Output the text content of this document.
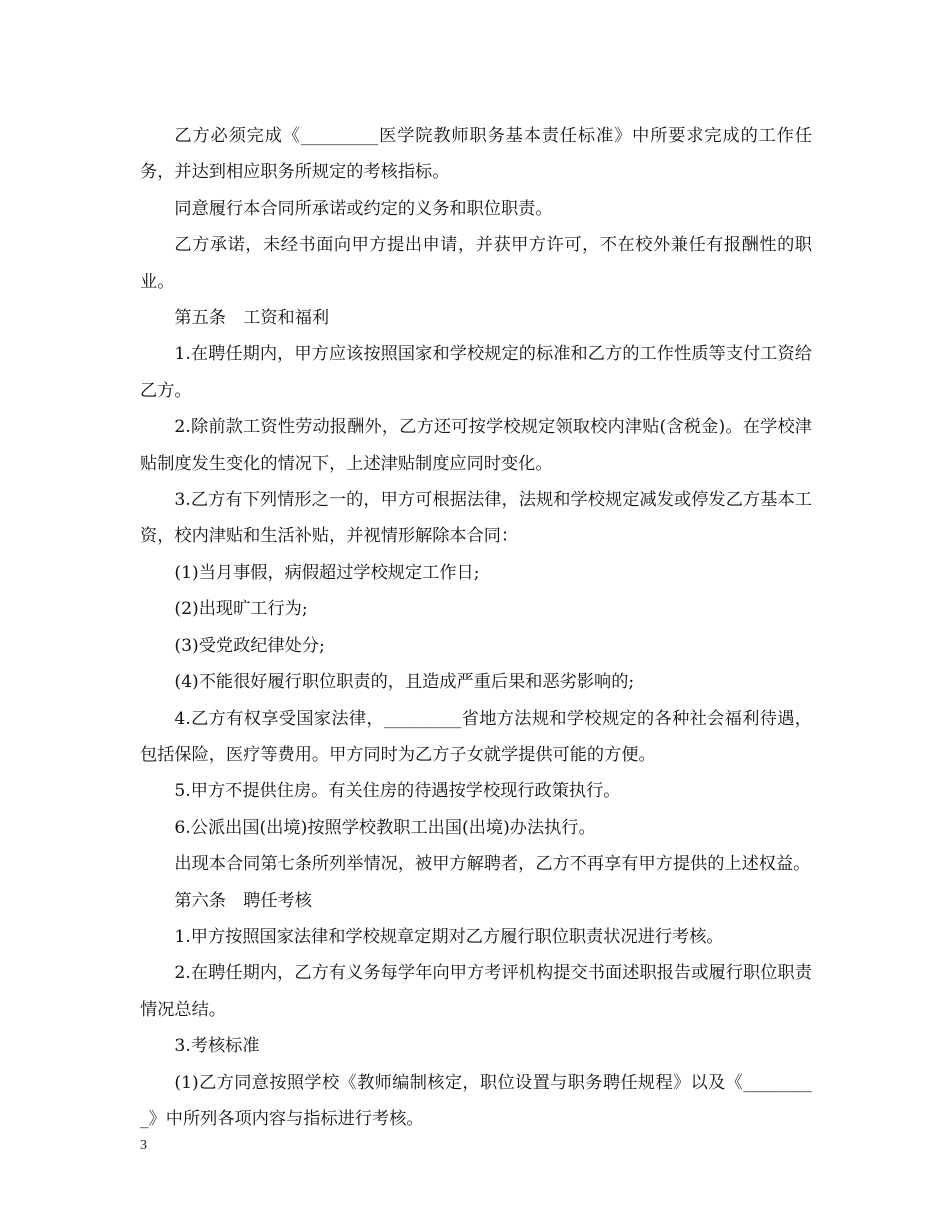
乙方必须完成《_________医学院教师职务基本责任标准》中所要求完成的工作任务，并达到相应职务所规定的考核指标。

同意履行本合同所承诺或约定的义务和职位职责。

乙方承诺，未经书面向甲方提出申请，并获甲方许可，不在校外兼任有报酬性的职业。

第五条　工资和福利

1.在聘任期内，甲方应该按照国家和学校规定的标准和乙方的工作性质等支付工资给乙方。

2.除前款工资性劳动报酬外，乙方还可按学校规定领取校内津贴(含税金)。在学校津贴制度发生变化的情况下，上述津贴制度应同时变化。

3.乙方有下列情形之一的，甲方可根据法律，法规和学校规定减发或停发乙方基本工资，校内津贴和生活补贴，并视情形解除本合同：

(1)当月事假，病假超过学校规定工作日;

(2)出现旷工行为;

(3)受党政纪律处分;

(4)不能很好履行职位职责的，且造成严重后果和恶劣影响的;

4.乙方有权享受国家法律，_________省地方法规和学校规定的各种社会福利待遇，包括保险，医疗等费用。甲方同时为乙方子女就学提供可能的方便。

5.甲方不提供住房。有关住房的待遇按学校现行政策执行。

6.公派出国(出境)按照学校教职工出国(出境)办法执行。

出现本合同第七条所列举情况，被甲方解聘者，乙方不再享有甲方提供的上述权益。

第六条　聘任考核

1.甲方按照国家法律和学校规章定期对乙方履行职位职责状况进行考核。

2.在聘任期内，乙方有义务每学年向甲方考评机构提交书面述职报告或履行职位职责情况总结。

3.考核标准

(1)乙方同意按照学校《教师编制核定，职位设置与职务聘任规程》以及《_________》中所列各项内容与指标进行考核。

3
